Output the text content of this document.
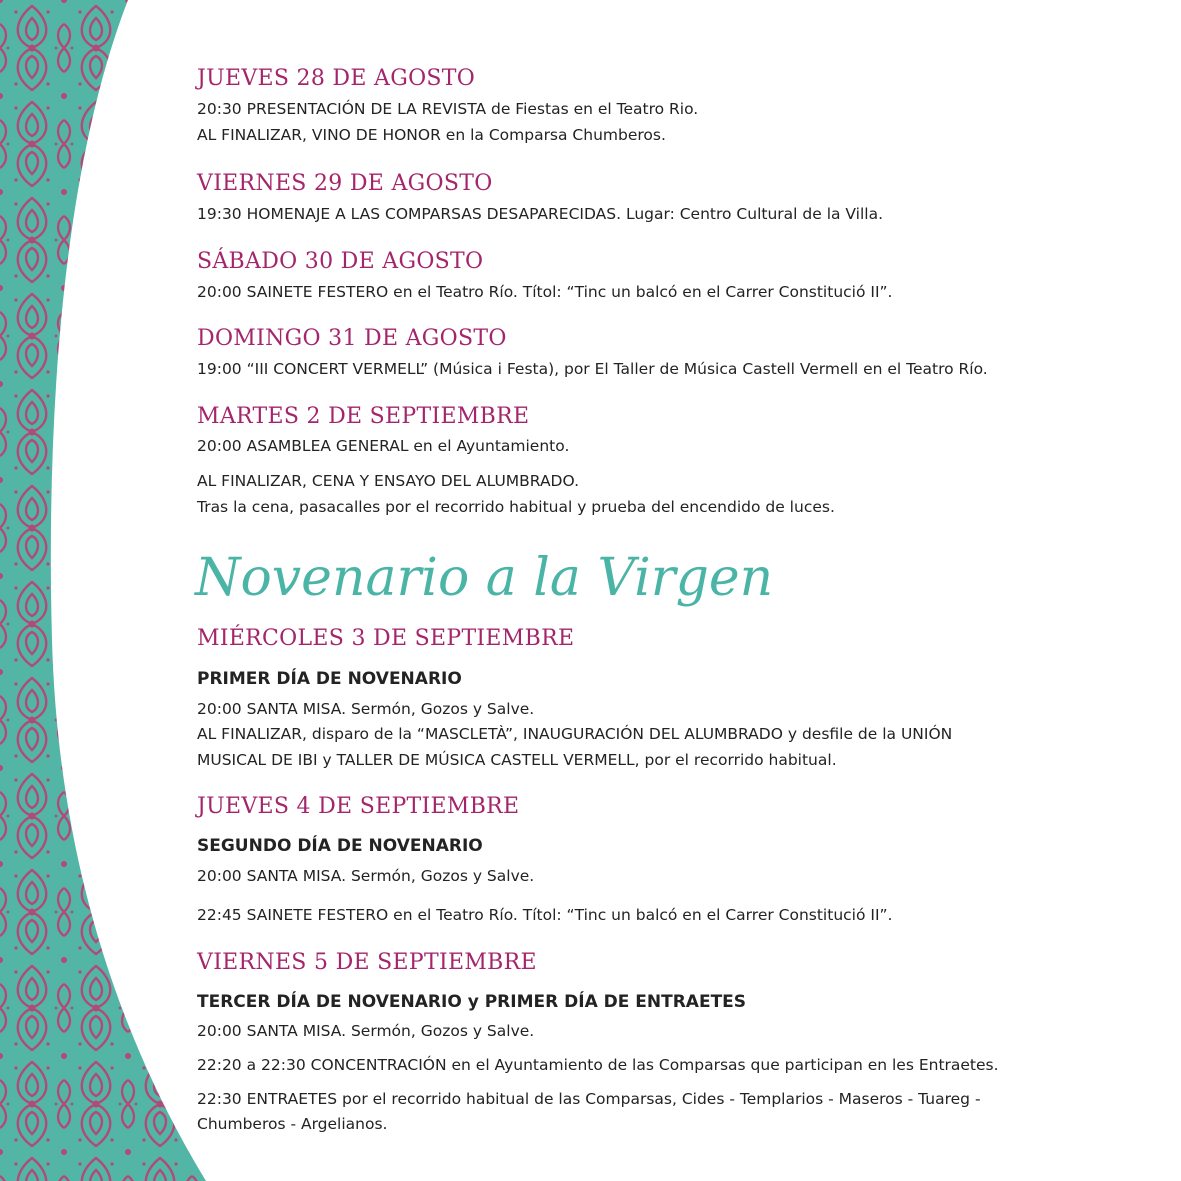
JUEVES 28 DE AGOSTO
20:30 PRESENTACIÓN DE LA REVISTA de Fiestas en el Teatro Rio.
AL FINALIZAR, VINO DE HONOR en la Comparsa Chumberos.
VIERNES 29 DE AGOSTO
19:30 HOMENAJE A LAS COMPARSAS DESAPARECIDAS. Lugar: Centro Cultural de la Villa.
SÁBADO 30 DE AGOSTO
20:00 SAINETE FESTERO en el Teatro Río. Títol: “Tinc un balcó en el Carrer Constitució II”.
DOMINGO 31 DE AGOSTO
19:00 “III CONCERT VERMELL” (Música i Festa), por El Taller de Música Castell Vermell en el Teatro Río.
MARTES 2 DE SEPTIEMBRE
20:00 ASAMBLEA GENERAL en el Ayuntamiento.
AL FINALIZAR, CENA Y ENSAYO DEL ALUMBRADO.
Tras la cena, pasacalles por el recorrido habitual y prueba del encendido de luces.
Novenario a la Virgen
MIÉRCOLES 3 DE SEPTIEMBRE
PRIMER DÍA DE NOVENARIO
20:00 SANTA MISA. Sermón, Gozos y Salve.
AL FINALIZAR, disparo de la “MASCLETÀ”, INAUGURACIÓN DEL ALUMBRADO y desfile de la UNIÓN
MUSICAL DE IBI y TALLER DE MÚSICA CASTELL VERMELL, por el recorrido habitual.
JUEVES 4 DE SEPTIEMBRE
SEGUNDO DÍA DE NOVENARIO
20:00 SANTA MISA. Sermón, Gozos y Salve.
22:45 SAINETE FESTERO en el Teatro Río. Títol: “Tinc un balcó en el Carrer Constitució II”.
VIERNES 5 DE SEPTIEMBRE
TERCER DÍA DE NOVENARIO y PRIMER DÍA DE ENTRAETES
20:00 SANTA MISA. Sermón, Gozos y Salve.
22:20 a 22:30 CONCENTRACIÓN en el Ayuntamiento de las Comparsas que participan en les Entraetes.
22:30 ENTRAETES por el recorrido habitual de las Comparsas, Cides - Templarios - Maseros - Tuareg -
Chumberos - Argelianos.
